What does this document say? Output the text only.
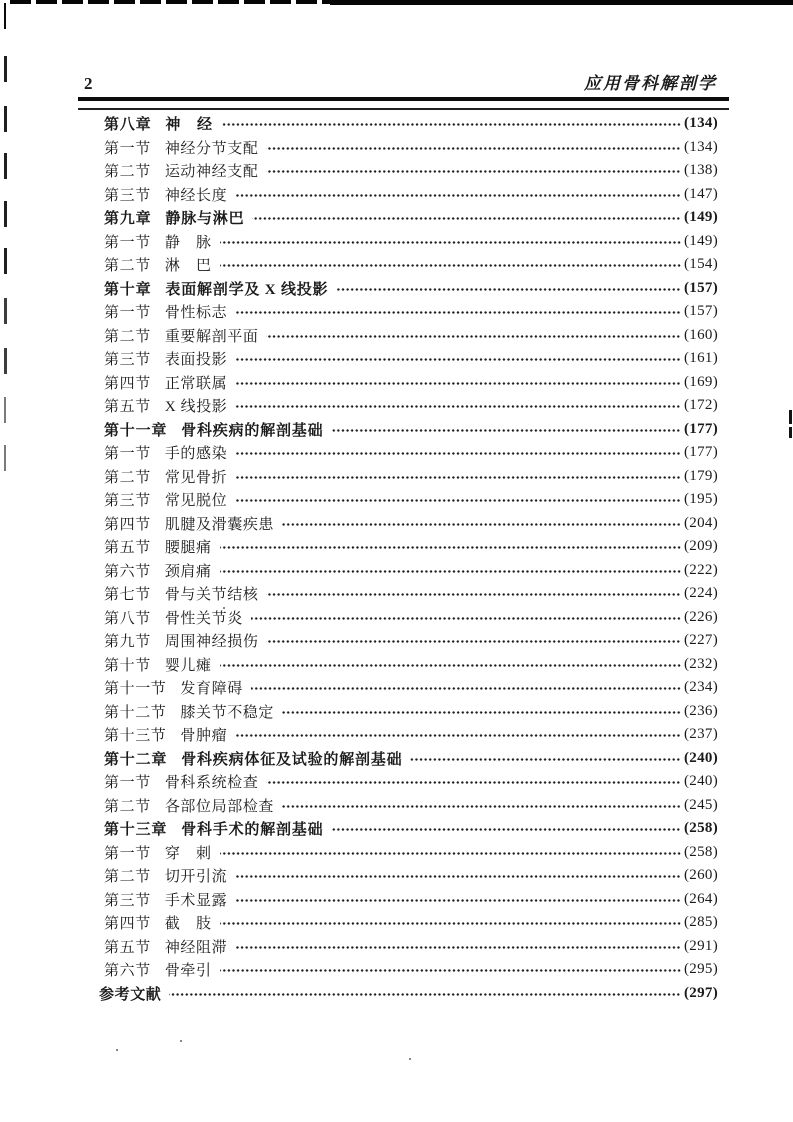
2	应用骨科解剖学
第八章 神　经	(134)
第一节 神经分节支配	(134)
第二节 运动神经支配	(138)
第三节 神经长度	(147)
第九章 静脉与淋巴	(149)
第一节 静　脉	(149)
第二节 淋　巴	(154)
第十章 表面解剖学及 X 线投影	(157)
第一节 骨性标志	(157)
第二节 重要解剖平面	(160)
第三节 表面投影	(161)
第四节 正常联属	(169)
第五节 X 线投影	(172)
第十一章 骨科疾病的解剖基础	(177)
第一节 手的感染	(177)
第二节 常见骨折	(179)
第三节 常见脱位	(195)
第四节 肌腱及滑囊疾患	(204)
第五节 腰腿痛	(209)
第六节 颈肩痛	(222)
第七节 骨与关节结核	(224)
第八节 骨性关节炎	(226)
第九节 周围神经损伤	(227)
第十节 婴儿瘫	(232)
第十一节 发育障碍	(234)
第十二节 膝关节不稳定	(236)
第十三节 骨肿瘤	(237)
第十二章 骨科疾病体征及试验的解剖基础	(240)
第一节 骨科系统检查	(240)
第二节 各部位局部检查	(245)
第十三章 骨科手术的解剖基础	(258)
第一节 穿　刺	(258)
第二节 切开引流	(260)
第三节 手术显露	(264)
第四节 截　肢	(285)
第五节 神经阻滞	(291)
第六节 骨牵引	(295)
参考文献	(297)
